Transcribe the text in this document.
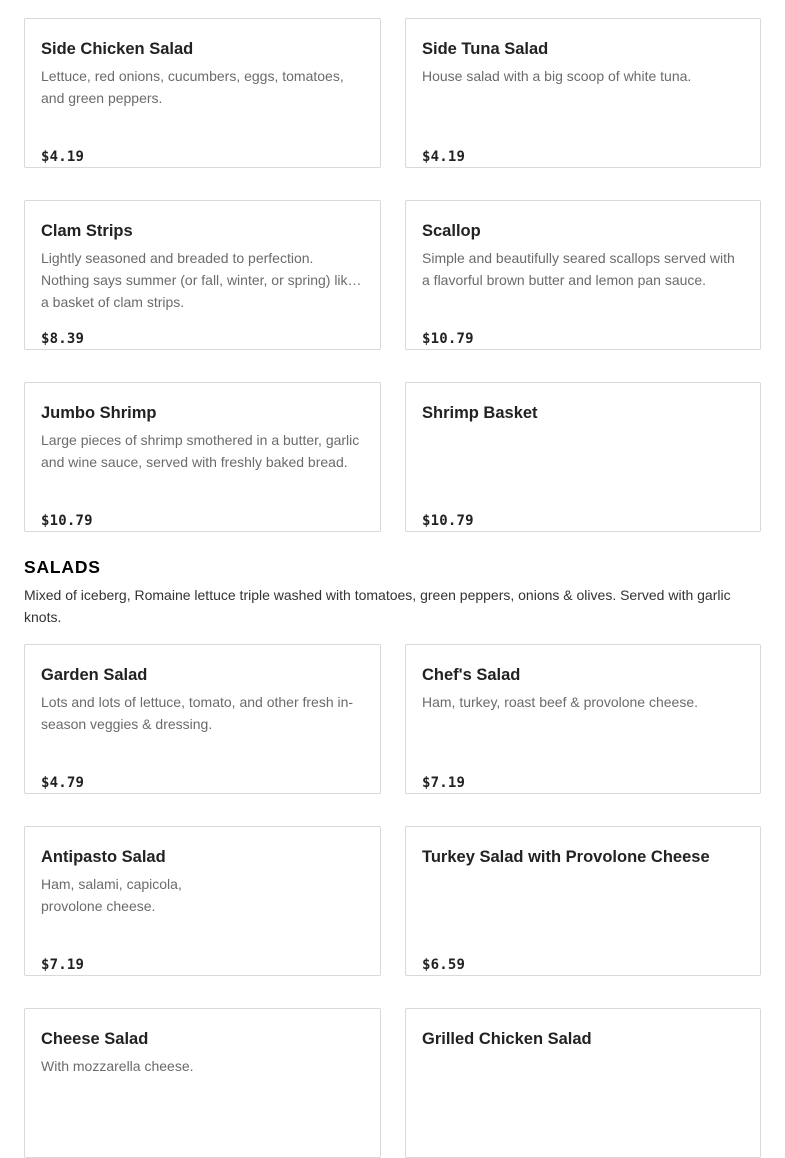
Side Chicken Salad
Lettuce, red onions, cucumbers, eggs, tomatoes, and green peppers.
$4.19
Side Tuna Salad
House salad with a big scoop of white tuna.
$4.19
Clam Strips
Lightly seasoned and breaded to perfection. Nothing says summer (or fall, winter, or spring) like a basket of clam strips.
$8.39
Scallop
Simple and beautifully seared scallops served with a flavorful brown butter and lemon pan sauce.
$10.79
Jumbo Shrimp
Large pieces of shrimp smothered in a butter, garlic and wine sauce, served with freshly baked bread.
$10.79
Shrimp Basket
$10.79
SALADS

Mixed of iceberg, Romaine lettuce triple washed with tomatoes, green peppers, onions & olives. Served with garlic knots.

Garden Salad
Lots and lots of lettuce, tomato, and other fresh in-season veggies & dressing.
$4.79
Chef's Salad
Ham, turkey, roast beef & provolone cheese.
$7.19
Antipasto Salad
Ham, salami, capicola, provolone cheese.
$7.19
Turkey Salad with Provolone Cheese
$6.59
Cheese Salad
With mozzarella cheese.
Grilled Chicken Salad
